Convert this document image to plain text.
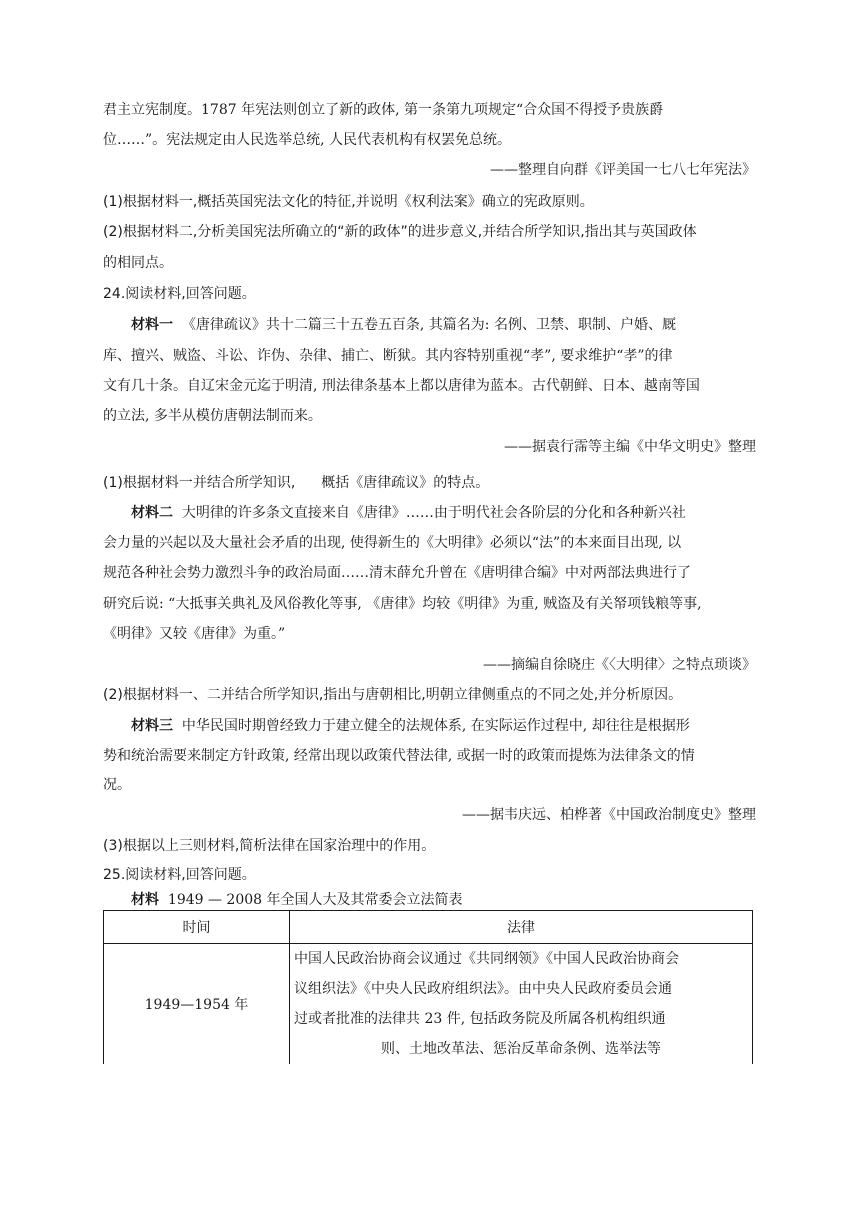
君主立宪制度。1787 年宪法则创立了新的政体, 第一条第九项规定“合众国不得授予贵族爵
位……”。宪法规定由人民选举总统, 人民代表机构有权罢免总统。
——整理自向群《评美国一七八七年宪法》
(1)根据材料一,概括英国宪法文化的特征,并说明《权利法案》确立的宪政原则。
(2)根据材料二,分析美国宪法所确立的“新的政体”的进步意义,并结合所学知识,指出其与英国政体
的相同点。
24.阅读材料,回答问题。
材料一 《唐律疏议》共十二篇三十五卷五百条, 其篇名为: 名例、卫禁、职制、户婚、厩
库、擅兴、贼盗、斗讼、诈伪、杂律、捕亡、断狱。其内容特别重视“孝”, 要求维护“孝”的律
文有几十条。自辽宋金元迄于明清, 刑法律条基本上都以唐律为蓝本。古代朝鲜、日本、越南等国
的立法, 多半从模仿唐朝法制而来。
——据袁行霈等主编《中华文明史》整理
(1)根据材料一并结合所学知识, 概括《唐律疏议》的特点。
材料二 大明律的许多条文直接来自《唐律》……由于明代社会各阶层的分化和各种新兴社
会力量的兴起以及大量社会矛盾的出现, 使得新生的《大明律》必须以“法”的本来面目出现, 以
规范各种社会势力激烈斗争的政治局面……清末薛允升曾在《唐明律合编》中对两部法典进行了
研究后说: “大抵事关典礼及风俗教化等事, 《唐律》均较《明律》为重, 贼盗及有关帑项钱粮等事,
《明律》又较《唐律》为重。”
——摘编自徐晓庄《〈大明律〉之特点琐谈》
(2)根据材料一、二并结合所学知识,指出与唐朝相比,明朝立律侧重点的不同之处,并分析原因。
材料三 中华民国时期曾经致力于建立健全的法规体系, 在实际运作过程中, 却往往是根据形
势和统治需要来制定方针政策, 经常出现以政策代替法律, 或据一时的政策而提炼为法律条文的情
况。
——据韦庆远、柏桦著《中国政治制度史》整理
(3)根据以上三则材料,简析法律在国家治理中的作用。
25.阅读材料,回答问题。
材料 1949 — 2008 年全国人大及其常委会立法简表
时间	法律
1949—1954 年	中国人民政治协商会议通过《共同纲领》《中国人民政治协商会
议组织法》《中央人民政府组织法》。由中央人民政府委员会通
过或者批准的法律共 23 件, 包括政务院及所属各机构组织通
则、土地改革法、惩治反革命条例、选举法等
